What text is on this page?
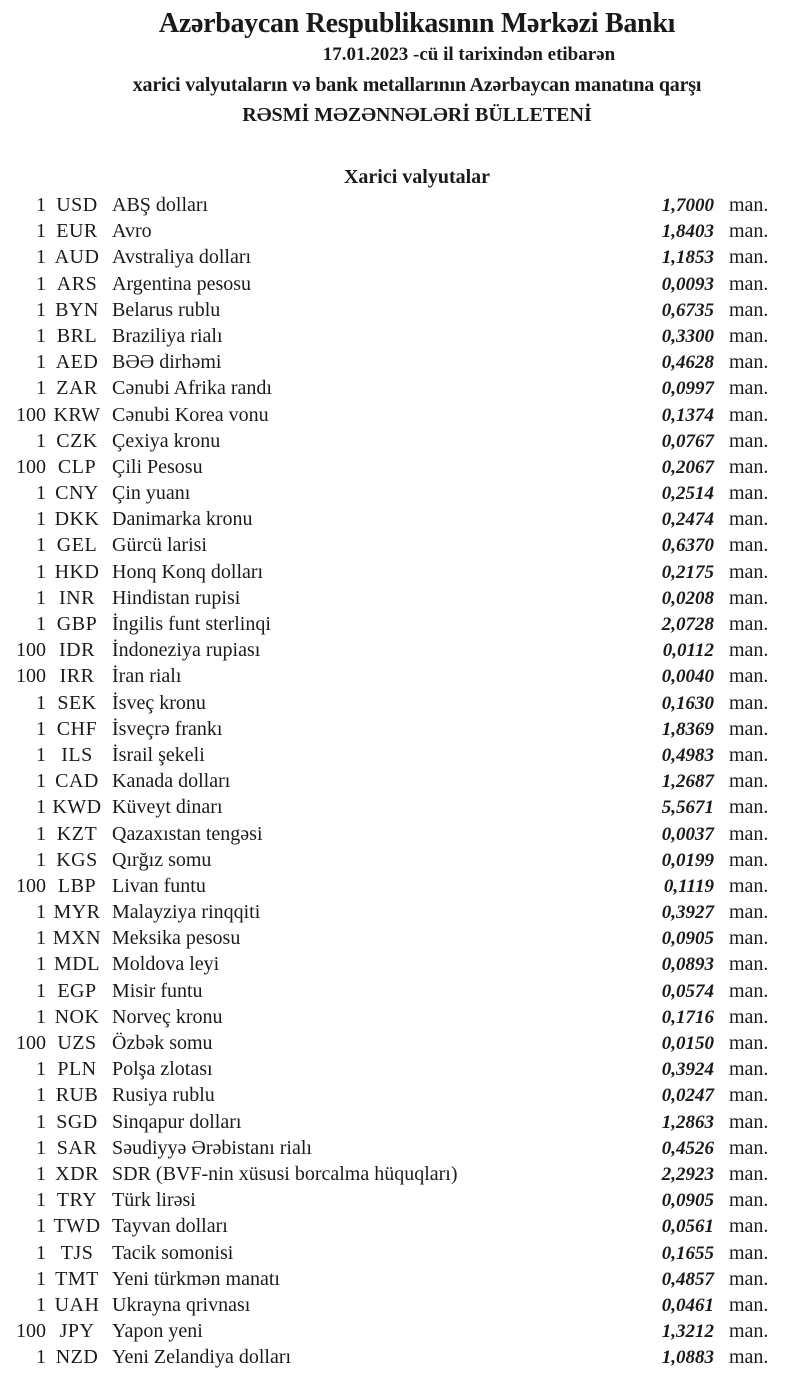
Azərbaycan Respublikasının Mərkəzi Bankı
17.01.2023 -cü il tarixindən etibarən
xarici valyutaların və bank metallarının Azərbaycan manatına qarşı
RƏSMİ MƏZƏNNƏLƏRİ BÜLLETENİ
Xarici valyutalar
1 USD ABŞ dolları	1,7000 man.
1 EUR Avro	1,8403 man.
1 AUD Avstraliya dolları	1,1853 man.
1 ARS Argentina pesosu	0,0093 man.
1 BYN Belarus rublu	0,6735 man.
1 BRL Braziliya rialı	0,3300 man.
1 AED BƏƏ dirhəmi	0,4628 man.
1 ZAR Cənubi Afrika randı	0,0997 man.
100 KRW Cənubi Korea vonu	0,1374 man.
1 CZK Çexiya kronu	0,0767 man.
100 CLP Çili Pesosu	0,2067 man.
1 CNY Çin yuanı	0,2514 man.
1 DKK Danimarka kronu	0,2474 man.
1 GEL Gürcü larisi	0,6370 man.
1 HKD Honq Konq dolları	0,2175 man.
1 INR Hindistan rupisi	0,0208 man.
1 GBP İngilis funt sterlinqi	2,0728 man.
100 IDR İndoneziya rupiası	0,0112 man.
100 IRR İran rialı	0,0040 man.
1 SEK İsveç kronu	0,1630 man.
1 CHF İsveçrə frankı	1,8369 man.
1 ILS İsrail şekeli	0,4983 man.
1 CAD Kanada dolları	1,2687 man.
1 KWD Küveyt dinarı	5,5671 man.
1 KZT Qazaxıstan tengəsi	0,0037 man.
1 KGS Qırğız somu	0,0199 man.
100 LBP Livan funtu	0,1119 man.
1 MYR Malayziya rinqqiti	0,3927 man.
1 MXN Meksika pesosu	0,0905 man.
1 MDL Moldova leyi	0,0893 man.
1 EGP Misir funtu	0,0574 man.
1 NOK Norveç kronu	0,1716 man.
100 UZS Özbək somu	0,0150 man.
1 PLN Polşa zlotası	0,3924 man.
1 RUB Rusiya rublu	0,0247 man.
1 SGD Sinqapur dolları	1,2863 man.
1 SAR Səudiyyə Ərəbistanı rialı	0,4526 man.
1 XDR SDR (BVF-nin xüsusi borcalma hüquqları)	2,2923 man.
1 TRY Türk lirəsi	0,0905 man.
1 TWD Tayvan dolları	0,0561 man.
1 TJS Tacik somonisi	0,1655 man.
1 TMT Yeni türkmən manatı	0,4857 man.
1 UAH Ukrayna qrivnası	0,0461 man.
100 JPY Yapon yeni	1,3212 man.
1 NZD Yeni Zelandiya dolları	1,0883 man.
